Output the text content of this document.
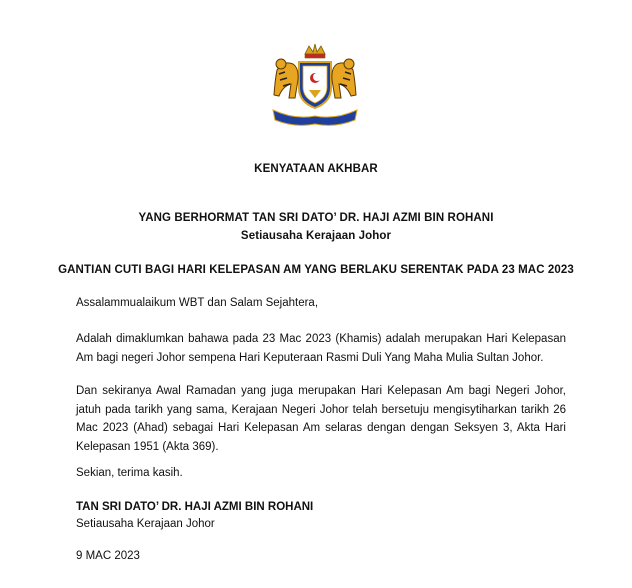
KENYATAAN AKHBAR
YANG BERHORMAT TAN SRI DATO’ DR. HAJI AZMI BIN ROHANI
Setiausaha Kerajaan Johor
GANTIAN CUTI BAGI HARI KELEPASAN AM YANG BERLAKU SERENTAK PADA 23 MAC 2023
Assalammualaikum WBT dan Salam Sejahtera,
Adalah dimaklumkan bahawa pada 23 Mac 2023 (Khamis) adalah merupakan Hari Kelepasan Am bagi negeri Johor sempena Hari Keputeraan Rasmi Duli Yang Maha Mulia Sultan Johor.
Dan sekiranya Awal Ramadan yang juga merupakan Hari Kelepasan Am bagi Negeri Johor, jatuh pada tarikh yang sama, Kerajaan Negeri Johor telah bersetuju mengisytiharkan tarikh 26 Mac 2023 (Ahad) sebagai Hari Kelepasan Am selaras dengan dengan Seksyen 3, Akta Hari Kelepasan 1951 (Akta 369).
Sekian, terima kasih.
TAN SRI DATO’ DR. HAJI AZMI BIN ROHANI
Setiausaha Kerajaan Johor
9 MAC 2023
